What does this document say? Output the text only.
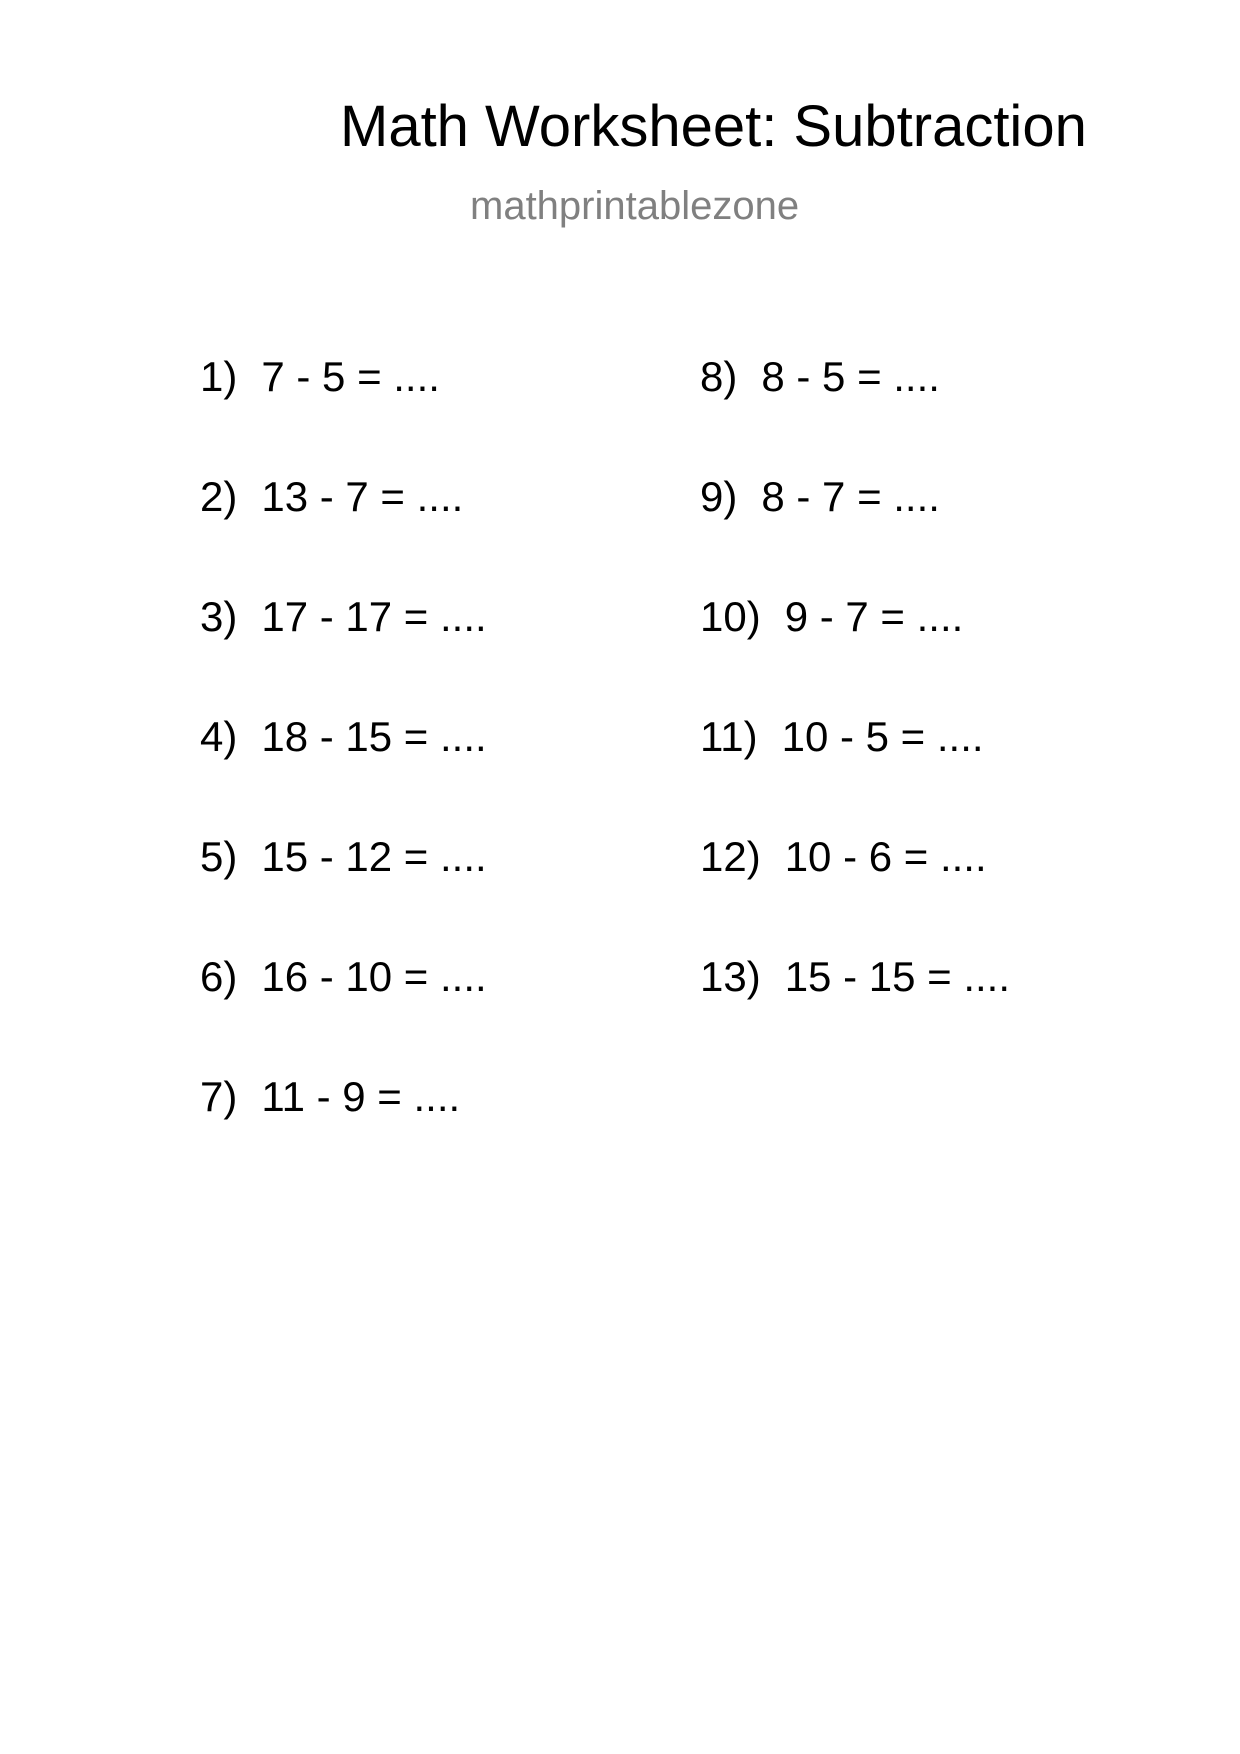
Math Worksheet: Subtraction
mathprintablezone
1) 7 - 5 = ....
2) 13 - 7 = ....
3) 17 - 17 = ....
4) 18 - 15 = ....
5) 15 - 12 = ....
6) 16 - 10 = ....
7) 11 - 9 = ....
8) 8 - 5 = ....
9) 8 - 7 = ....
10) 9 - 7 = ....
11) 10 - 5 = ....
12) 10 - 6 = ....
13) 15 - 15 = ....
